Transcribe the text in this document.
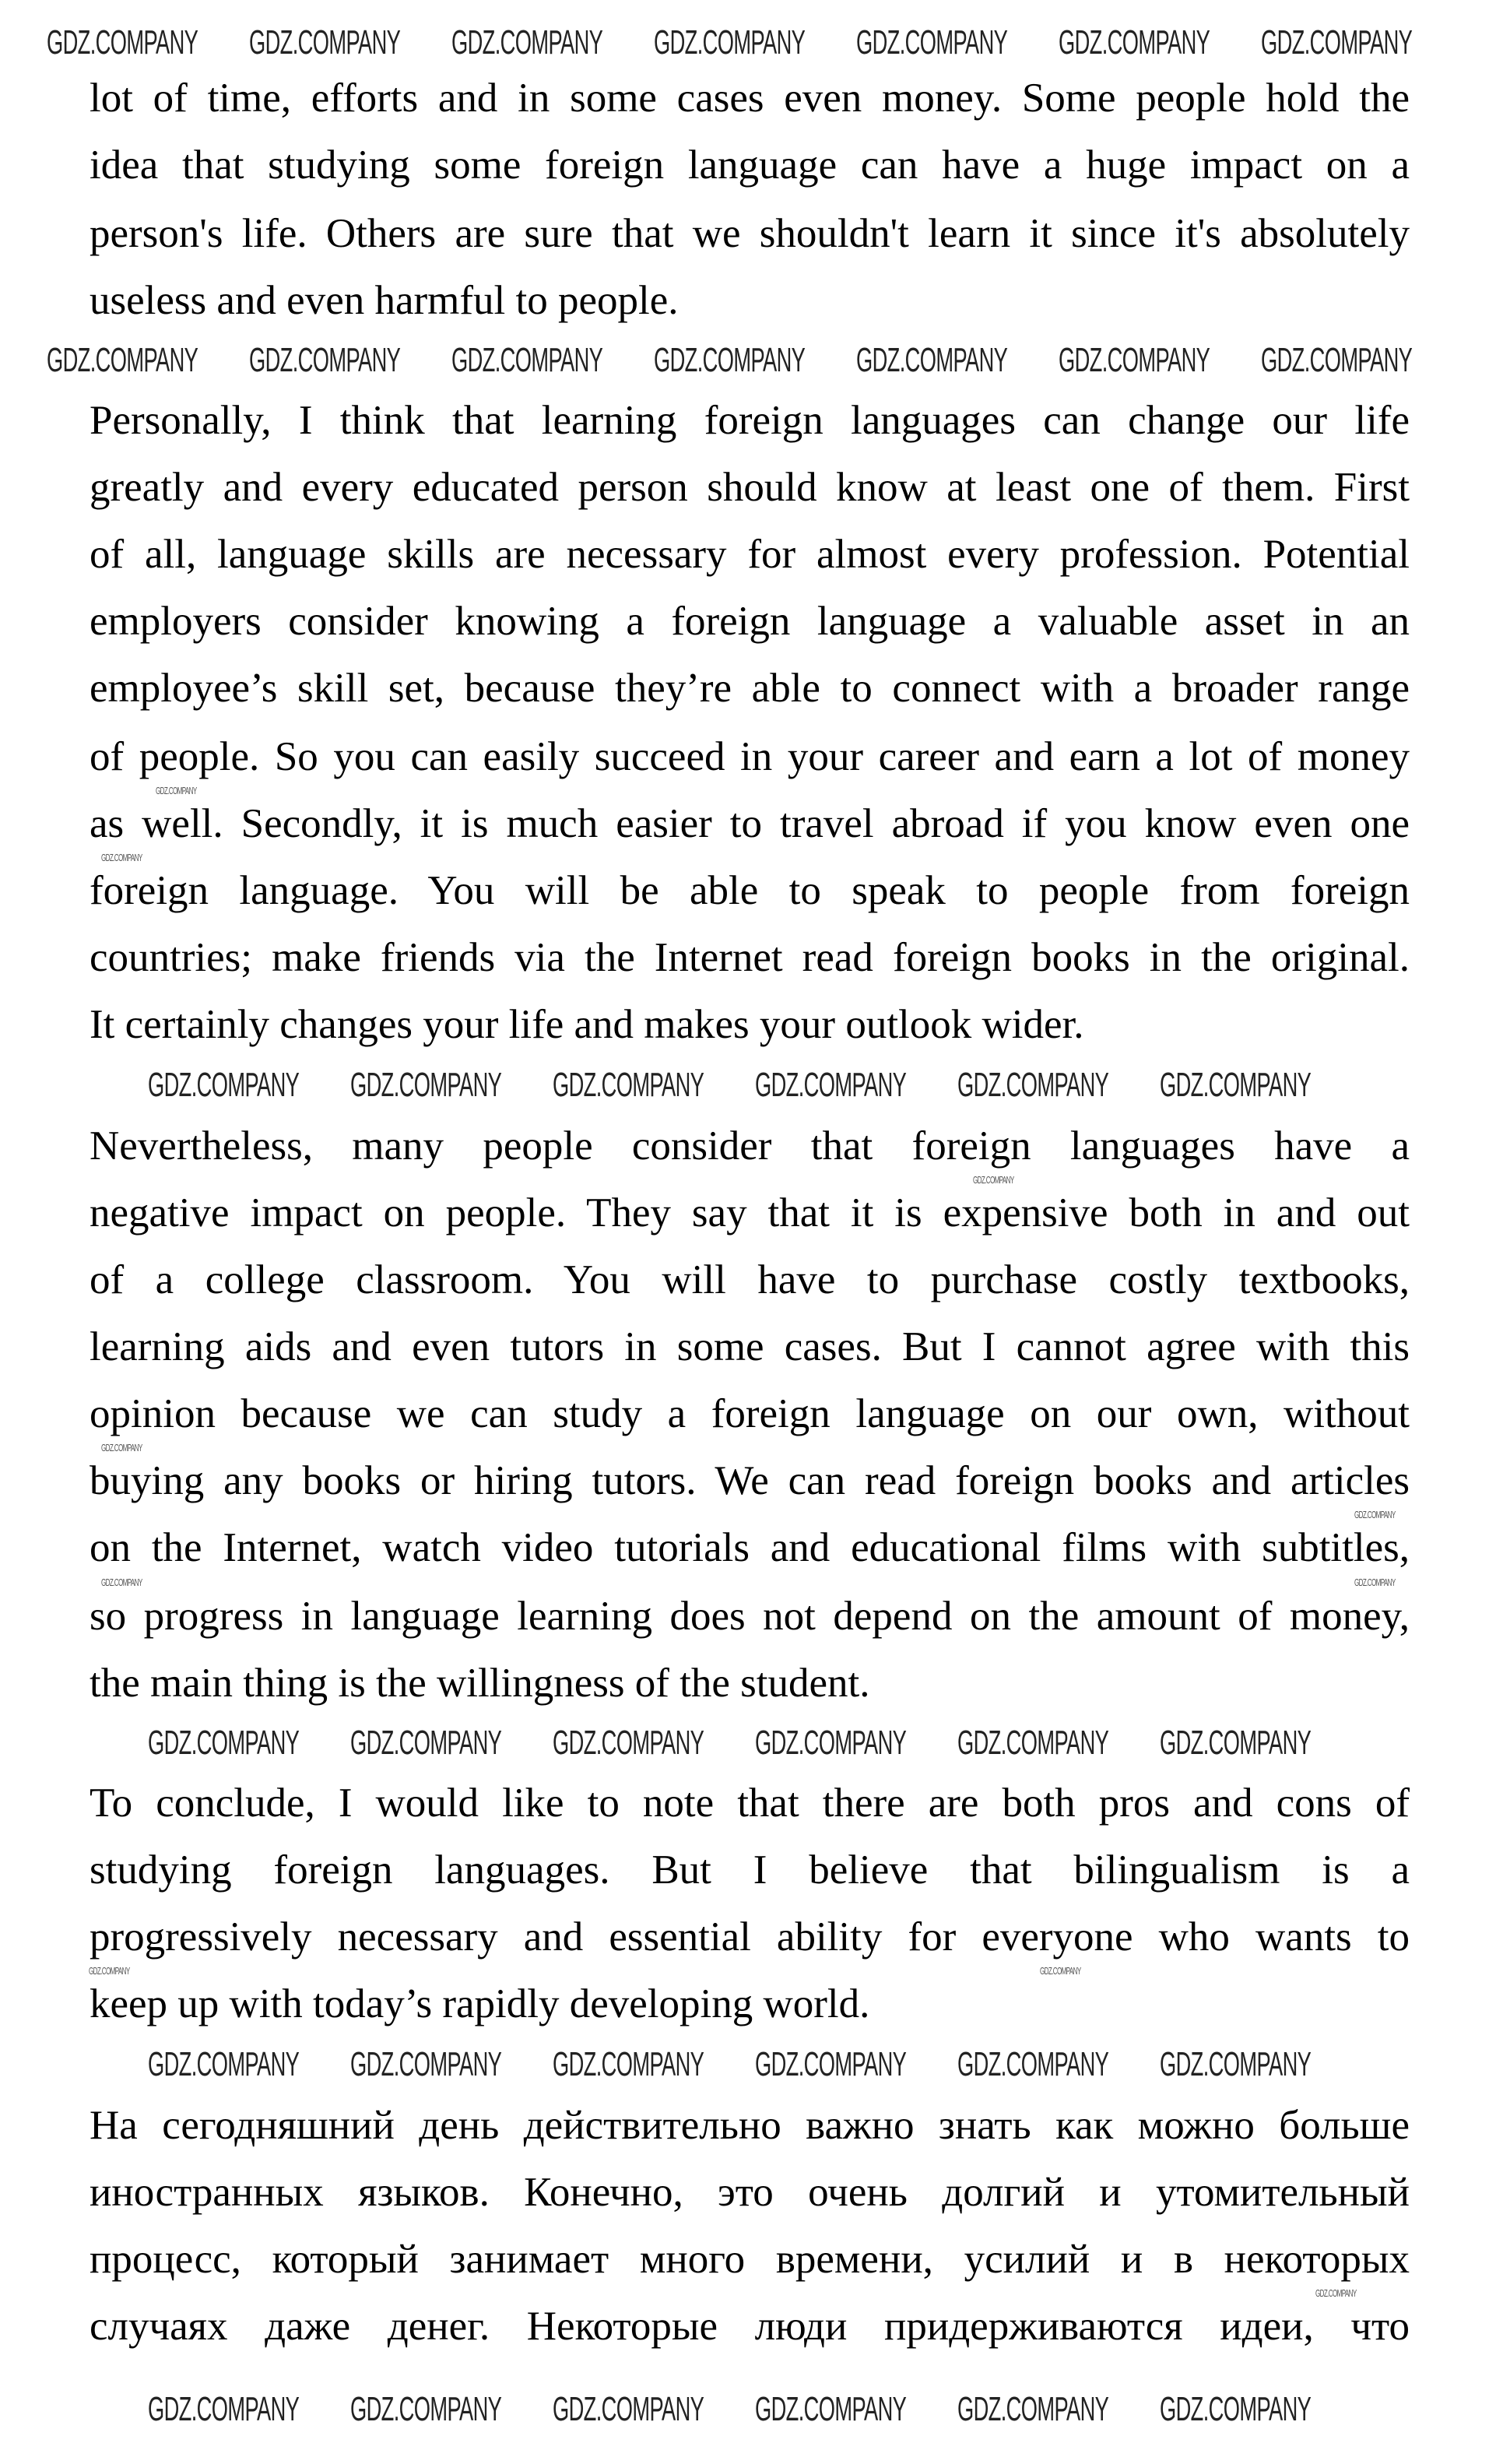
lot of time, efforts and in some cases even money. Some people hold the
idea that studying some foreign language can have a huge impact on a
person's life. Others are sure that we shouldn't learn it since it's absolutely
useless and even harmful to people.
Personally, I think that learning foreign languages can change our life
greatly and every educated person should know at least one of them. First
of all, language skills are necessary for almost every profession. Potential
employers consider knowing a foreign language a valuable asset in an
employee’s skill set, because they’re able to connect with a broader range
of people. So you can easily succeed in your career and earn a lot of money
as well. Secondly, it is much easier to travel abroad if you know even one
foreign language. You will be able to speak to people from foreign
countries; make friends via the Internet read foreign books in the original.
It certainly changes your life and makes your outlook wider.
Nevertheless, many people consider that foreign languages have a
negative impact on people. They say that it is expensive both in and out
of a college classroom. You will have to purchase costly textbooks,
learning aids and even tutors in some cases. But I cannot agree with this
opinion because we can study a foreign language on our own, without
buying any books or hiring tutors. We can read foreign books and articles
on the Internet, watch video tutorials and educational films with subtitles,
so progress in language learning does not depend on the amount of money,
the main thing is the willingness of the student.
To conclude, I would like to note that there are both pros and cons of
studying foreign languages. But I believe that bilingualism is a
progressively necessary and essential ability for everyone who wants to
keep up with today’s rapidly developing world.
На сегодняшний день действительно важно знать как можно больше
иностранных языков. Конечно, это очень долгий и утомительный
процесс, который занимает много времени, усилий и в некоторых
случаях даже денег. Некоторые люди придерживаются идеи, что
GDZ.COMPANY GDZ.COMPANY GDZ.COMPANY GDZ.COMPANY GDZ.COMPANY GDZ.COMPANY GDZ.COMPANY
GDZ.COMPANY GDZ.COMPANY GDZ.COMPANY GDZ.COMPANY GDZ.COMPANY GDZ.COMPANY GDZ.COMPANY
GDZ.COMPANY GDZ.COMPANY GDZ.COMPANY GDZ.COMPANY GDZ.COMPANY GDZ.COMPANY
GDZ.COMPANY GDZ.COMPANY GDZ.COMPANY GDZ.COMPANY GDZ.COMPANY GDZ.COMPANY
GDZ.COMPANY GDZ.COMPANY GDZ.COMPANY GDZ.COMPANY GDZ.COMPANY GDZ.COMPANY
GDZ.COMPANY GDZ.COMPANY GDZ.COMPANY GDZ.COMPANY GDZ.COMPANY GDZ.COMPANY
GDZ.COMPANY
GDZ.COMPANY
GDZ.COMPANY
GDZ.COMPANY
GDZ.COMPANY
GDZ.COMPANY	GDZ.COMPANY
GDZ.COMPANY	GDZ.COMPANY
GDZ.COMPANY
